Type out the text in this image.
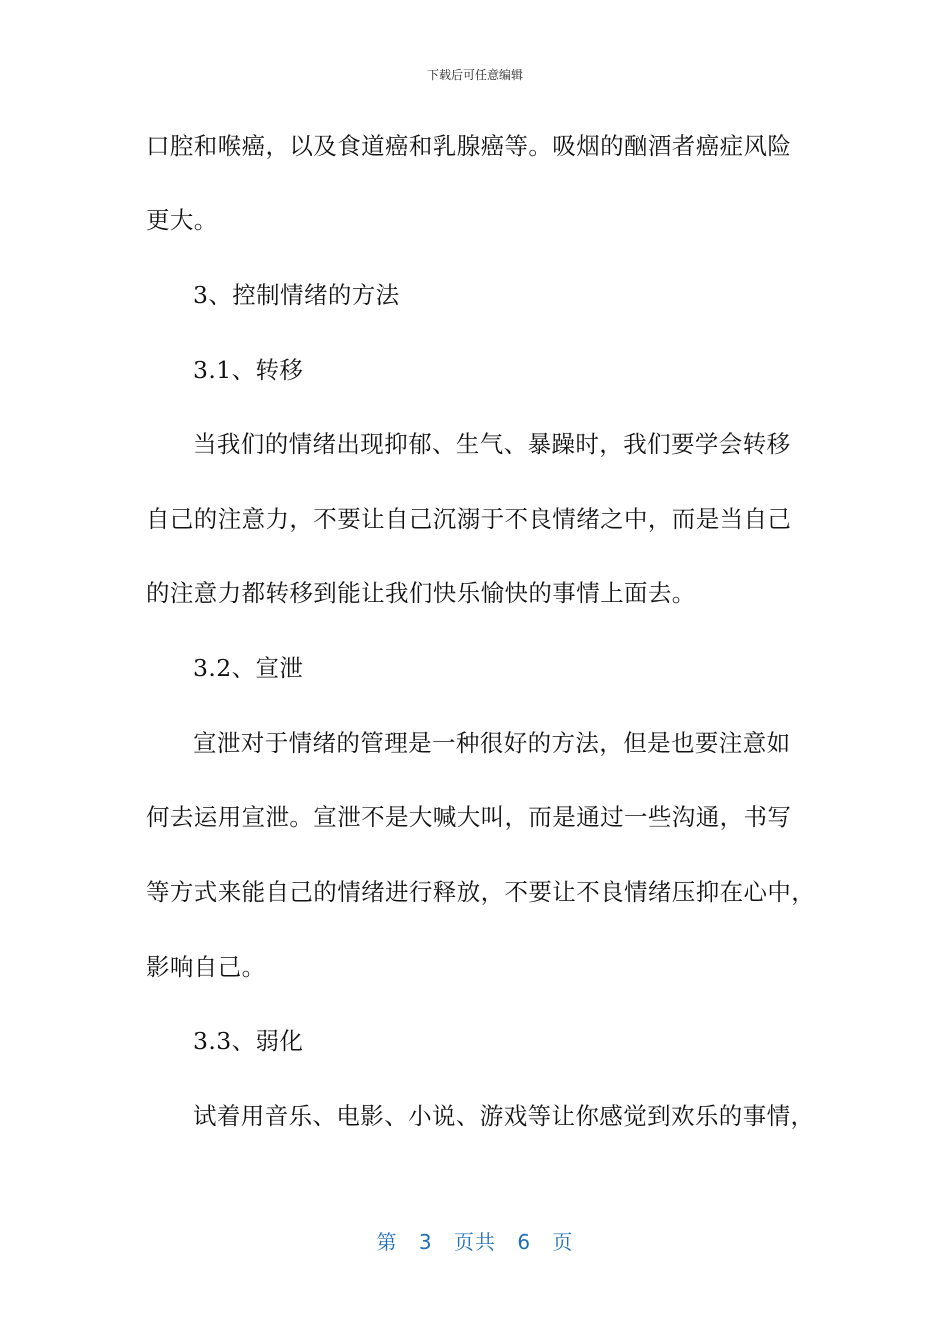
下载后可任意编辑
口腔和喉癌，以及食道癌和乳腺癌等。吸烟的酗酒者癌症风险
更大。
3、控制情绪的方法
3.1、转移
当我们的情绪出现抑郁、生气、暴躁时，我们要学会转移
自己的注意力，不要让自己沉溺于不良情绪之中，而是当自己
的注意力都转移到能让我们快乐愉快的事情上面去。
3.2、宣泄
宣泄对于情绪的管理是一种很好的方法，但是也要注意如
何去运用宣泄。宣泄不是大喊大叫，而是通过一些沟通，书写
等方式来能自己的情绪进行释放，不要让不良情绪压抑在心中，
影响自己。
3.3、弱化
试着用音乐、电影、小说、游戏等让你感觉到欢乐的事情，
第 3 页共 6 页
